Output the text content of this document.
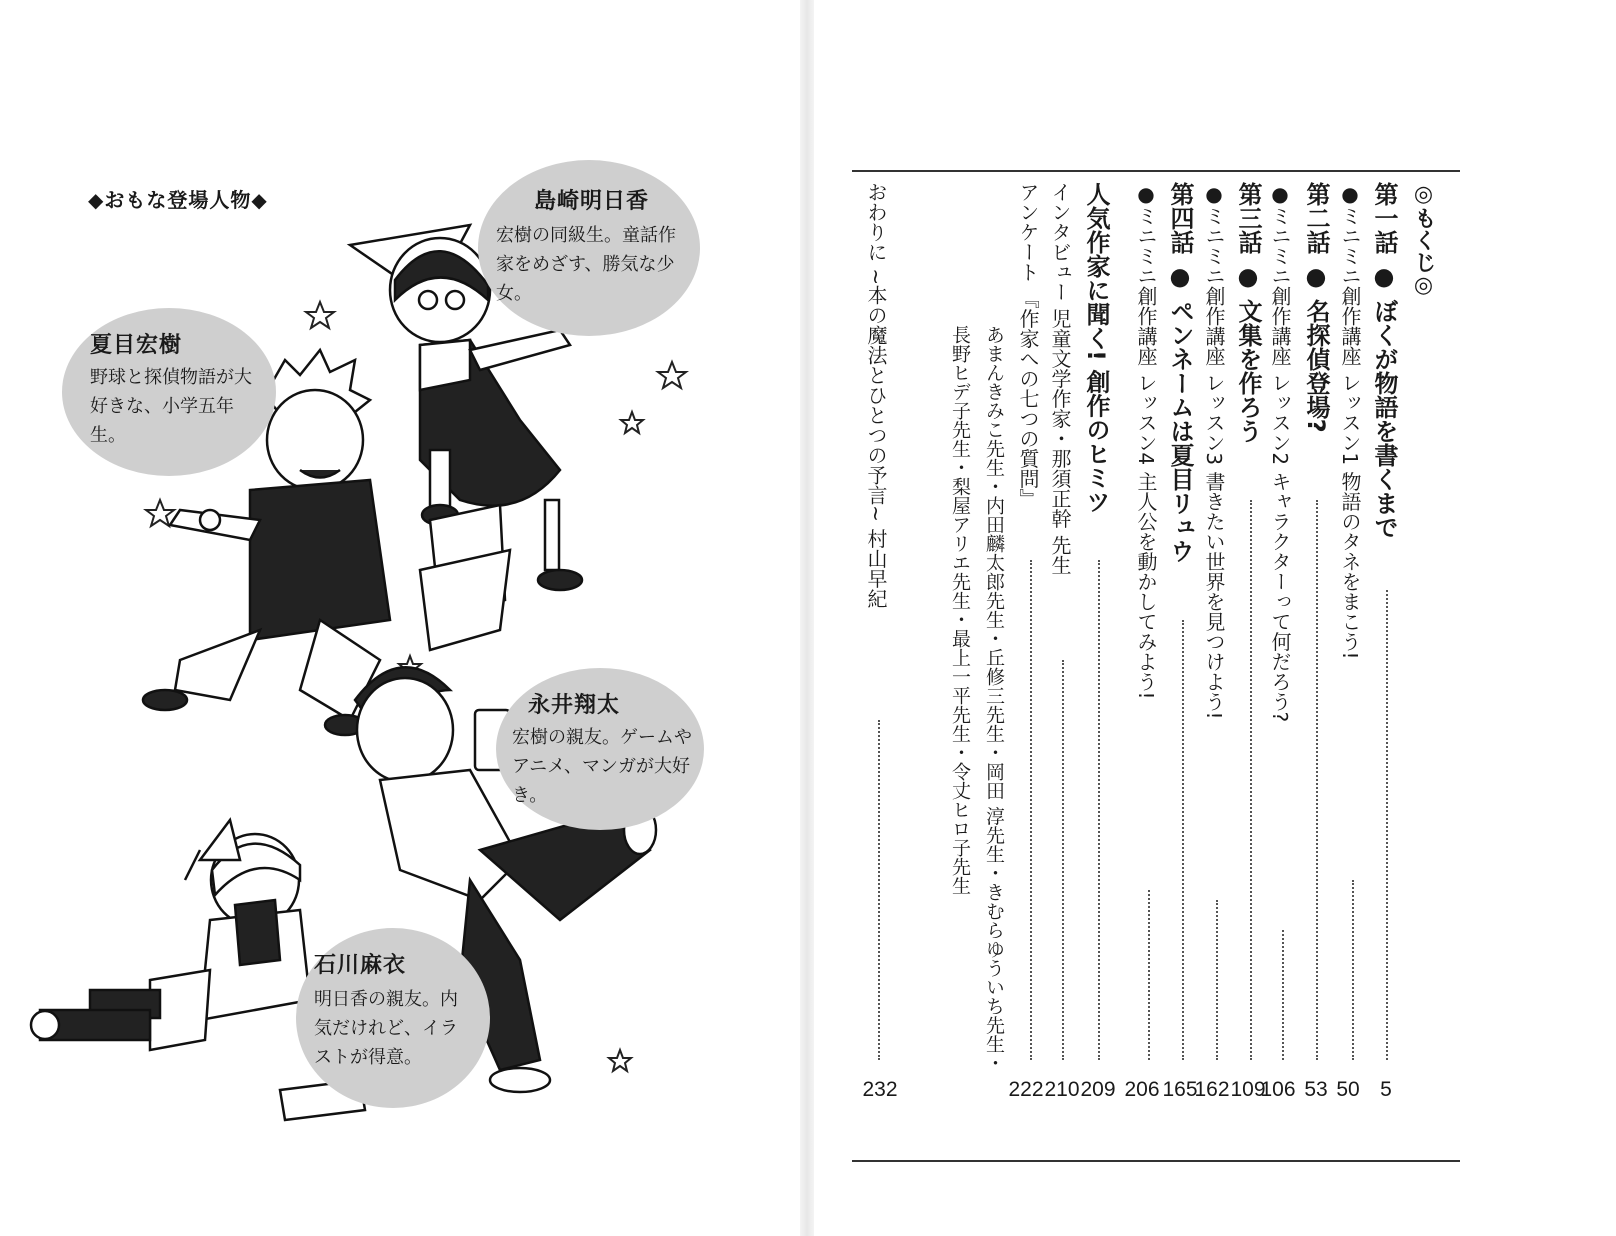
◆おもな登場人物◆	島崎明日香
宏樹の同級生。童話作家をめざす、勝気な少女。
夏目宏樹
野球と探偵物語が大好きな、小学五年生。
永井翔太
宏樹の親友。ゲームやアニメ、マンガが大好き。
石川麻衣
明日香の親友。内気だけれど、イラストが得意。
◎もくじ◎
第一話 ● ぼくが物語を書くまで
5
●ミニミニ創作講座 レッスン1 物語のタネをまこう!
50
第二話 ● 名探偵登場?
53
●ミニミニ創作講座 レッスン2 キャラクターって何だろう?
106
第三話 ● 文集を作ろう
109
●ミニミニ創作講座 レッスン3 書きたい世界を見つけよう!
162
第四話 ● ペンネームは夏目リュウ
165
●ミニミニ創作講座 レッスン4 主人公を動かしてみよう!
206
人気作家に聞く! 創作のヒミツ
209
インタビュー 児童文学作家・那須正幹 先生
210
アンケート 『作家への七つの質問』
222
あまんきみこ先生・内田麟太郎先生・丘修三先生・岡田 淳先生・きむらゆういち先生・
長野ヒデ子先生・梨屋アリエ先生・最上一平先生・令丈ヒロ子先生
おわりに ~本の魔法とひとつの予言~ 村山早紀
232
